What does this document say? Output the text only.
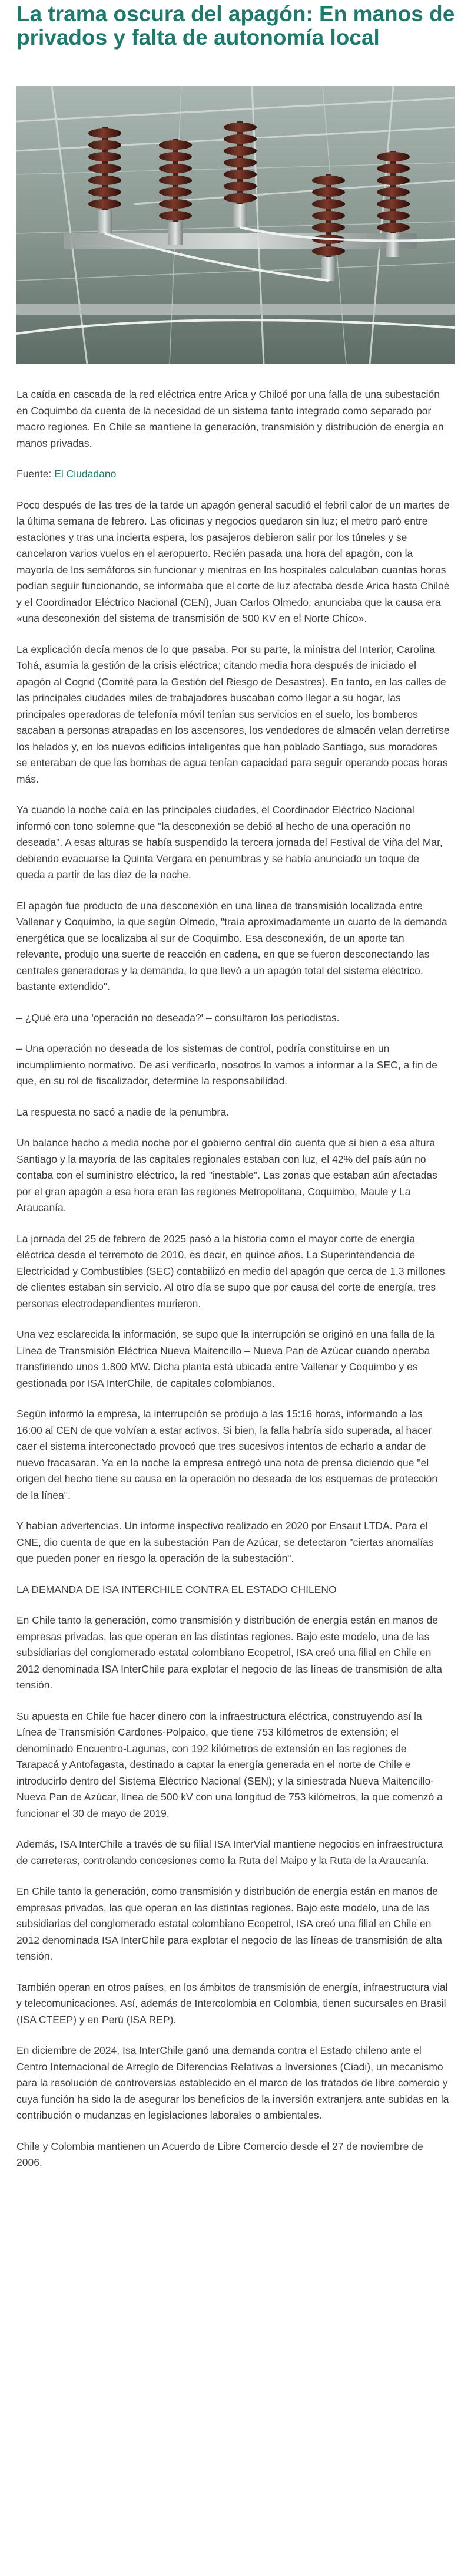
La trama oscura del apagón: En manos de privados y falta de autonomía local

La caída en cascada de la red eléctrica entre Arica y Chiloé por una falla de una subestación en Coquimbo da cuenta de la necesidad de un sistema tanto integrado como separado por macro regiones. En Chile se mantiene la generación, transmisión y distribución de energía en manos privadas.

Fuente: El Ciudadano

Poco después de las tres de la tarde un apagón general sacudió el febril calor de un martes de la última semana de febrero. Las oficinas y negocios quedaron sin luz; el metro paró entre estaciones y tras una incierta espera, los pasajeros debieron salir por los túneles y se cancelaron varios vuelos en el aeropuerto. Recién pasada una hora del apagón, con la mayoría de los semáforos sin funcionar y mientras en los hospitales calculaban cuantas horas podían seguir funcionando, se informaba que el corte de luz afectaba desde Arica hasta Chiloé y el Coordinador Eléctrico Nacional (CEN), Juan Carlos Olmedo, anunciaba que la causa era «una desconexión del sistema de transmisión de 500 KV en el Norte Chico».

La explicación decía menos de lo que pasaba. Por su parte, la ministra del Interior, Carolina Tohá, asumía la gestión de la crisis eléctrica; citando media hora después de iniciado el apagón al Cogrid (Comité para la Gestión del Riesgo de Desastres). En tanto, en las calles de las principales ciudades miles de trabajadores buscaban como llegar a su hogar, las principales operadoras de telefonía móvil tenían sus servicios en el suelo, los bomberos sacaban a personas atrapadas en los ascensores, los vendedores de almacén velan derretirse los helados y, en los nuevos edificios inteligentes que han poblado Santiago, sus moradores se enteraban de que las bombas de agua tenían capacidad para seguir operando pocas horas más.

Ya cuando la noche caía en las principales ciudades, el Coordinador Eléctrico Nacional informó con tono solemne que "la desconexión se debió al hecho de una operación no deseada". A esas alturas se había suspendido la tercera jornada del Festival de Viña del Mar, debiendo evacuarse la Quinta Vergara en penumbras y se había anunciado un toque de queda a partir de las diez de la noche.

El apagón fue producto de una desconexión en una línea de transmisión localizada entre Vallenar y Coquimbo, la que según Olmedo, "traía aproximadamente un cuarto de la demanda energética que se localizaba al sur de Coquimbo. Esa desconexión, de un aporte tan relevante, produjo una suerte de reacción en cadena, en que se fueron desconectando las centrales generadoras y la demanda, lo que llevó a un apagón total del sistema eléctrico, bastante extendido".

– ¿Qué era una 'operación no deseada?' – consultaron los periodistas.

– Una operación no deseada de los sistemas de control, podría constituirse en un incumplimiento normativo. De así verificarlo, nosotros lo vamos a informar a la SEC, a fin de que, en su rol de fiscalizador, determine la responsabilidad.

La respuesta no sacó a nadie de la penumbra.

Un balance hecho a media noche por el gobierno central dio cuenta que si bien a esa altura Santiago y la mayoría de las capitales regionales estaban con luz, el 42% del país aún no contaba con el suministro eléctrico, la red "inestable". Las zonas que estaban aún afectadas por el gran apagón a esa hora eran las regiones Metropolitana, Coquimbo, Maule y La Araucanía.

La jornada del 25 de febrero de 2025 pasó a la historia como el mayor corte de energía eléctrica desde el terremoto de 2010, es decir, en quince años. La Superintendencia de Electricidad y Combustibles (SEC) contabilizó en medio del apagón que cerca de 1,3 millones de clientes estaban sin servicio. Al otro día se supo que por causa del corte de energía, tres personas electrodependientes murieron.

Una vez esclarecida la información, se supo que la interrupción se originó en una falla de la Línea de Transmisión Eléctrica Nueva Maitencillo – Nueva Pan de Azúcar cuando operaba transfiriendo unos 1.800 MW. Dicha planta está ubicada entre Vallenar y Coquimbo y es gestionada por ISA InterChile, de capitales colombianos.

Según informó la empresa, la interrupción se produjo a las 15:16 horas, informando a las 16:00 al CEN de que volvían a estar activos. Si bien, la falla habría sido superada, al hacer caer el sistema interconectado provocó que tres sucesivos intentos de echarlo a andar de nuevo fracasaran. Ya en la noche la empresa entregó una nota de prensa diciendo que "el origen del hecho tiene su causa en la operación no deseada de los esquemas de protección de la línea".

Y habían advertencias. Un informe inspectivo realizado en 2020 por Ensaut LTDA. Para el CNE, dio cuenta de que en la subestación Pan de Azúcar, se detectaron "ciertas anomalías que pueden poner en riesgo la operación de la subestación".

LA DEMANDA DE ISA INTERCHILE CONTRA EL ESTADO CHILENO

En Chile tanto la generación, como transmisión y distribución de energía están en manos de empresas privadas, las que operan en las distintas regiones. Bajo este modelo, una de las subsidiarias del conglomerado estatal colombiano Ecopetrol, ISA creó una filial en Chile en 2012 denominada ISA InterChile para explotar el negocio de las líneas de transmisión de alta tensión.

Su apuesta en Chile fue hacer dinero con la infraestructura eléctrica, construyendo así la Línea de Transmisión Cardones-Polpaico, que tiene 753 kilómetros de extensión; el denominado Encuentro-Lagunas, con 192 kilómetros de extensión en las regiones de Tarapacá y Antofagasta, destinado a captar la energía generada en el norte de Chile e introducirlo dentro del Sistema Eléctrico Nacional (SEN); y la siniestrada Nueva Maitencillo-Nueva Pan de Azúcar, línea de 500 kV con una longitud de 753 kilómetros, la que comenzó a funcionar el 30 de mayo de 2019.

Además, ISA InterChile a través de su filial ISA InterVial mantiene negocios en infraestructura de carreteras, controlando concesiones como la Ruta del Maipo y la Ruta de la Araucanía.

En Chile tanto la generación, como transmisión y distribución de energía están en manos de empresas privadas, las que operan en las distintas regiones. Bajo este modelo, una de las subsidiarias del conglomerado estatal colombiano Ecopetrol, ISA creó una filial en Chile en 2012 denominada ISA InterChile para explotar el negocio de las líneas de transmisión de alta tensión.

También operan en otros países, en los ámbitos de transmisión de energía, infraestructura vial y telecomunicaciones. Así, además de Intercolombia en Colombia, tienen sucursales en Brasil (ISA CTEEP) y en Perú (ISA REP).

En diciembre de 2024, Isa InterChile ganó una demanda contra el Estado chileno ante el Centro Internacional de Arreglo de Diferencias Relativas a Inversiones (Ciadi), un mecanismo para la resolución de controversias establecido en el marco de los tratados de libre comercio y cuya función ha sido la de asegurar los beneficios de la inversión extranjera ante subidas en la contribución o mudanzas en legislaciones laborales o ambientales.

Chile y Colombia mantienen un Acuerdo de Libre Comercio desde el 27 de noviembre de 2006.
